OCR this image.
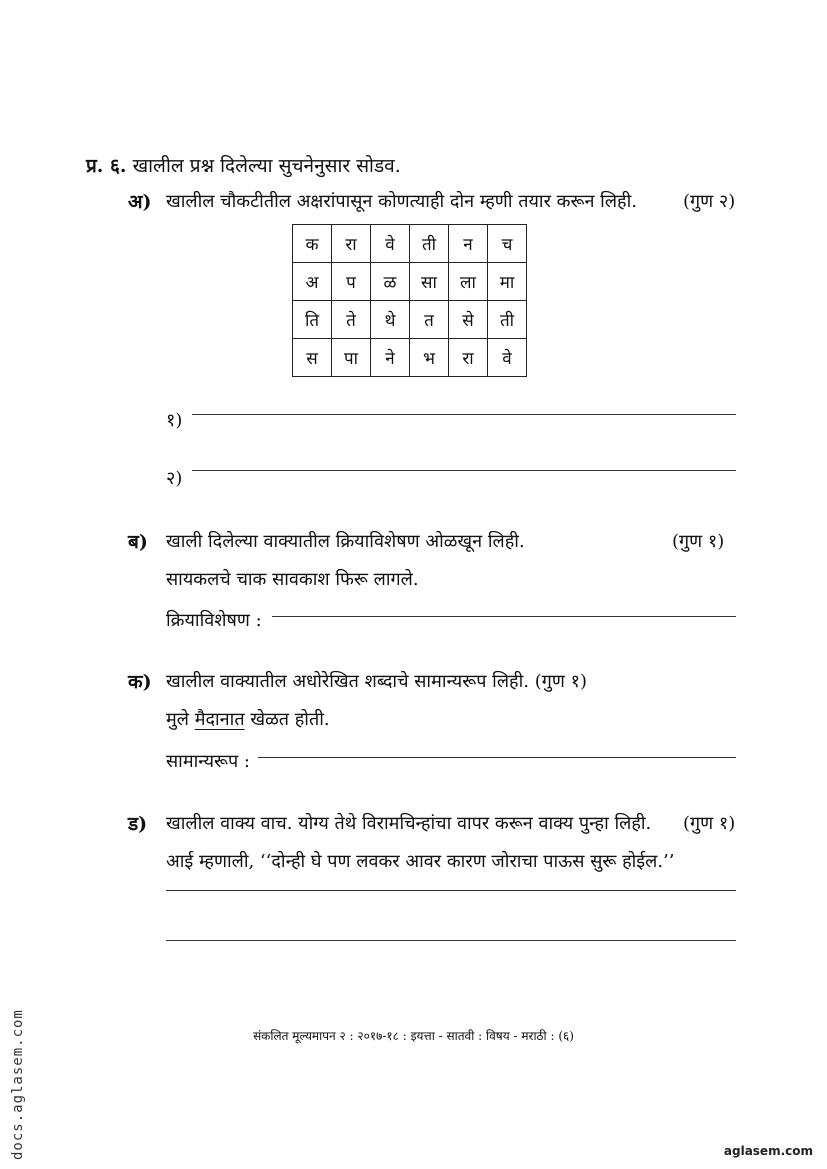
प्र. ६. खालील प्रश्न दिलेल्या सुचनेनुसार सोडव.
अ) खालील चौकटीतील अक्षरांपासून कोणत्याही दोन म्हणी तयार करून लिही.	(गुण २)
क	रा	वे	ती	न	च
अ	प	ळ	सा	ला	मा
ति	ते	थे	त	से	ती
स	पा	ने	भ	रा	वे
१)
२)
ब) खाली दिलेल्या वाक्यातील क्रियाविशेषण ओळखून लिही.	(गुण १)
सायकलचे चाक सावकाश फिरू लागले.
क्रियाविशेषण :
क) खालील वाक्यातील अधोरेखित शब्दाचे सामान्यरूप लिही. (गुण १)
मुले मैदानात खेळत होती.
सामान्यरूप :
ड) खालील वाक्य वाच. योग्य तेथे विरामचिन्हांचा वापर करून वाक्य पुन्हा लिही. (गुण १)
आई म्हणाली, ‘‘दोन्ही घे पण लवकर आवर कारण जोराचा पाऊस सुरू होईल.’’
संकलित मूल्यमापन २ : २०१७-१८ : इयत्ता - सातवी : विषय - मराठी : (६)
docs.aglasem.com	aglasem.com
